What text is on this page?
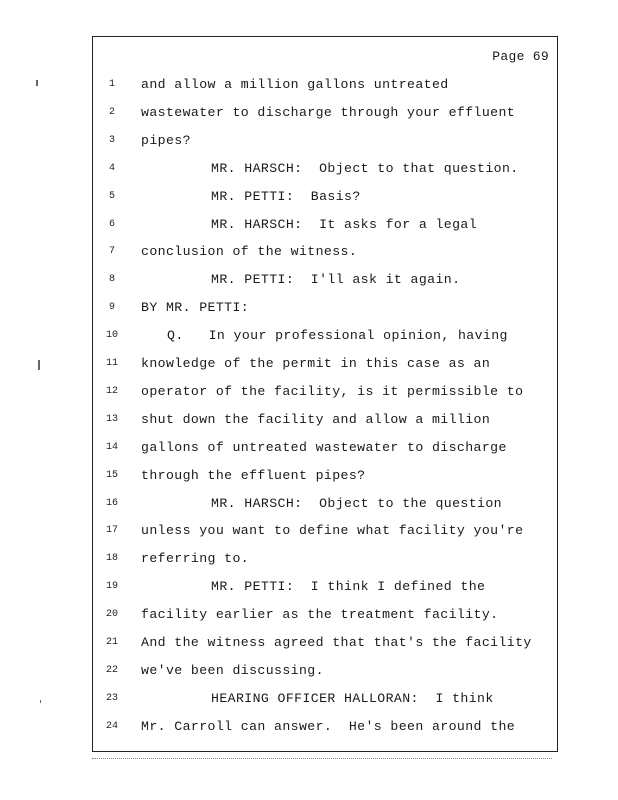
Page 69
1	and allow a million gallons untreated
2	wastewater to discharge through your effluent
3	pipes?
4	MR. HARSCH:  Object to that question.
5	MR. PETTI:  Basis?
6	MR. HARSCH:  It asks for a legal
7	conclusion of the witness.
8	MR. PETTI:  I'll ask it again.
9	BY MR. PETTI:
10	Q.   In your professional opinion, having
11	knowledge of the permit in this case as an
12	operator of the facility, is it permissible to
13	shut down the facility and allow a million
14	gallons of untreated wastewater to discharge
15	through the effluent pipes?
16	MR. HARSCH:  Object to the question
17	unless you want to define what facility you're
18	referring to.
19	MR. PETTI:  I think I defined the
20	facility earlier as the treatment facility.
21	And the witness agreed that that's the facility
22	we've been discussing.
23	HEARING OFFICER HALLORAN:  I think
24	Mr. Carroll can answer.  He's been around the
